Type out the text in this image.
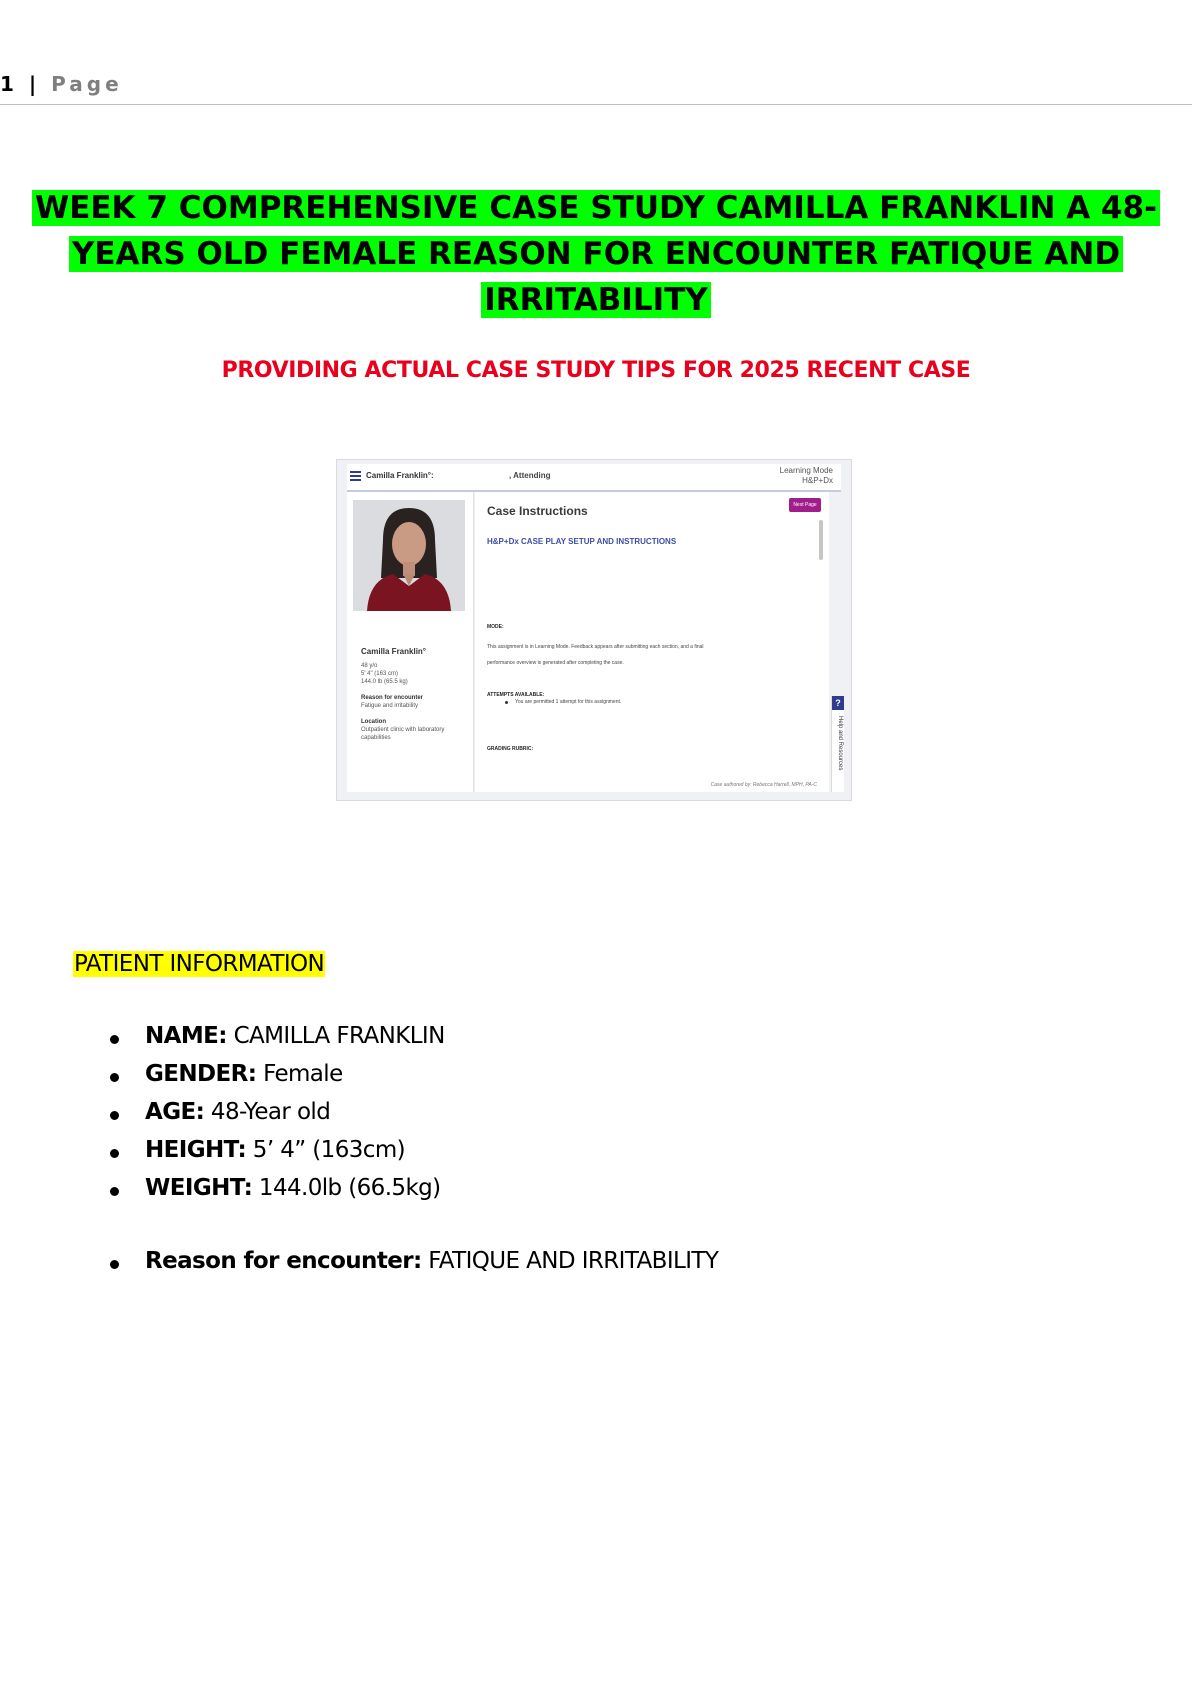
1 | Page
WEEK 7 COMPREHENSIVE CASE STUDY CAMILLA FRANKLIN A 48-
YEARS OLD FEMALE REASON FOR ENCOUNTER FATIQUE AND
IRRITABILITY
PROVIDING ACTUAL CASE STUDY TIPS FOR 2025 RECENT CASE
Camilla Franklin°:	, Attending
Learning Mode
H&P+Dx
Camilla Franklin°
48 y/o
5' 4" (163 cm)
144.0 lb (65.5 kg)
Reason for encounter
Fatigue and irritability
Location
Outpatient clinic with laboratory
capabilities
Case Instructions	Next Page
H&P+Dx CASE PLAY SETUP AND INSTRUCTIONS
MODE:
This assignment is in Learning Mode. Feedback appears after submitting each section, and a final
performance overview is generated after completing the case.
ATTEMPTS AVAILABLE:
You are permitted 1 attempt for this assignment.
GRADING RUBRIC:
Case authored by: Rebecca Harrell, MPH, PA-C
?
Help and Resources
PATIENT INFORMATION
NAME: CAMILLA FRANKLIN
GENDER: Female
AGE: 48-Year old
HEIGHT: 5’ 4” (163cm)
WEIGHT: 144.0lb (66.5kg)
Reason for encounter: FATIQUE AND IRRITABILITY
